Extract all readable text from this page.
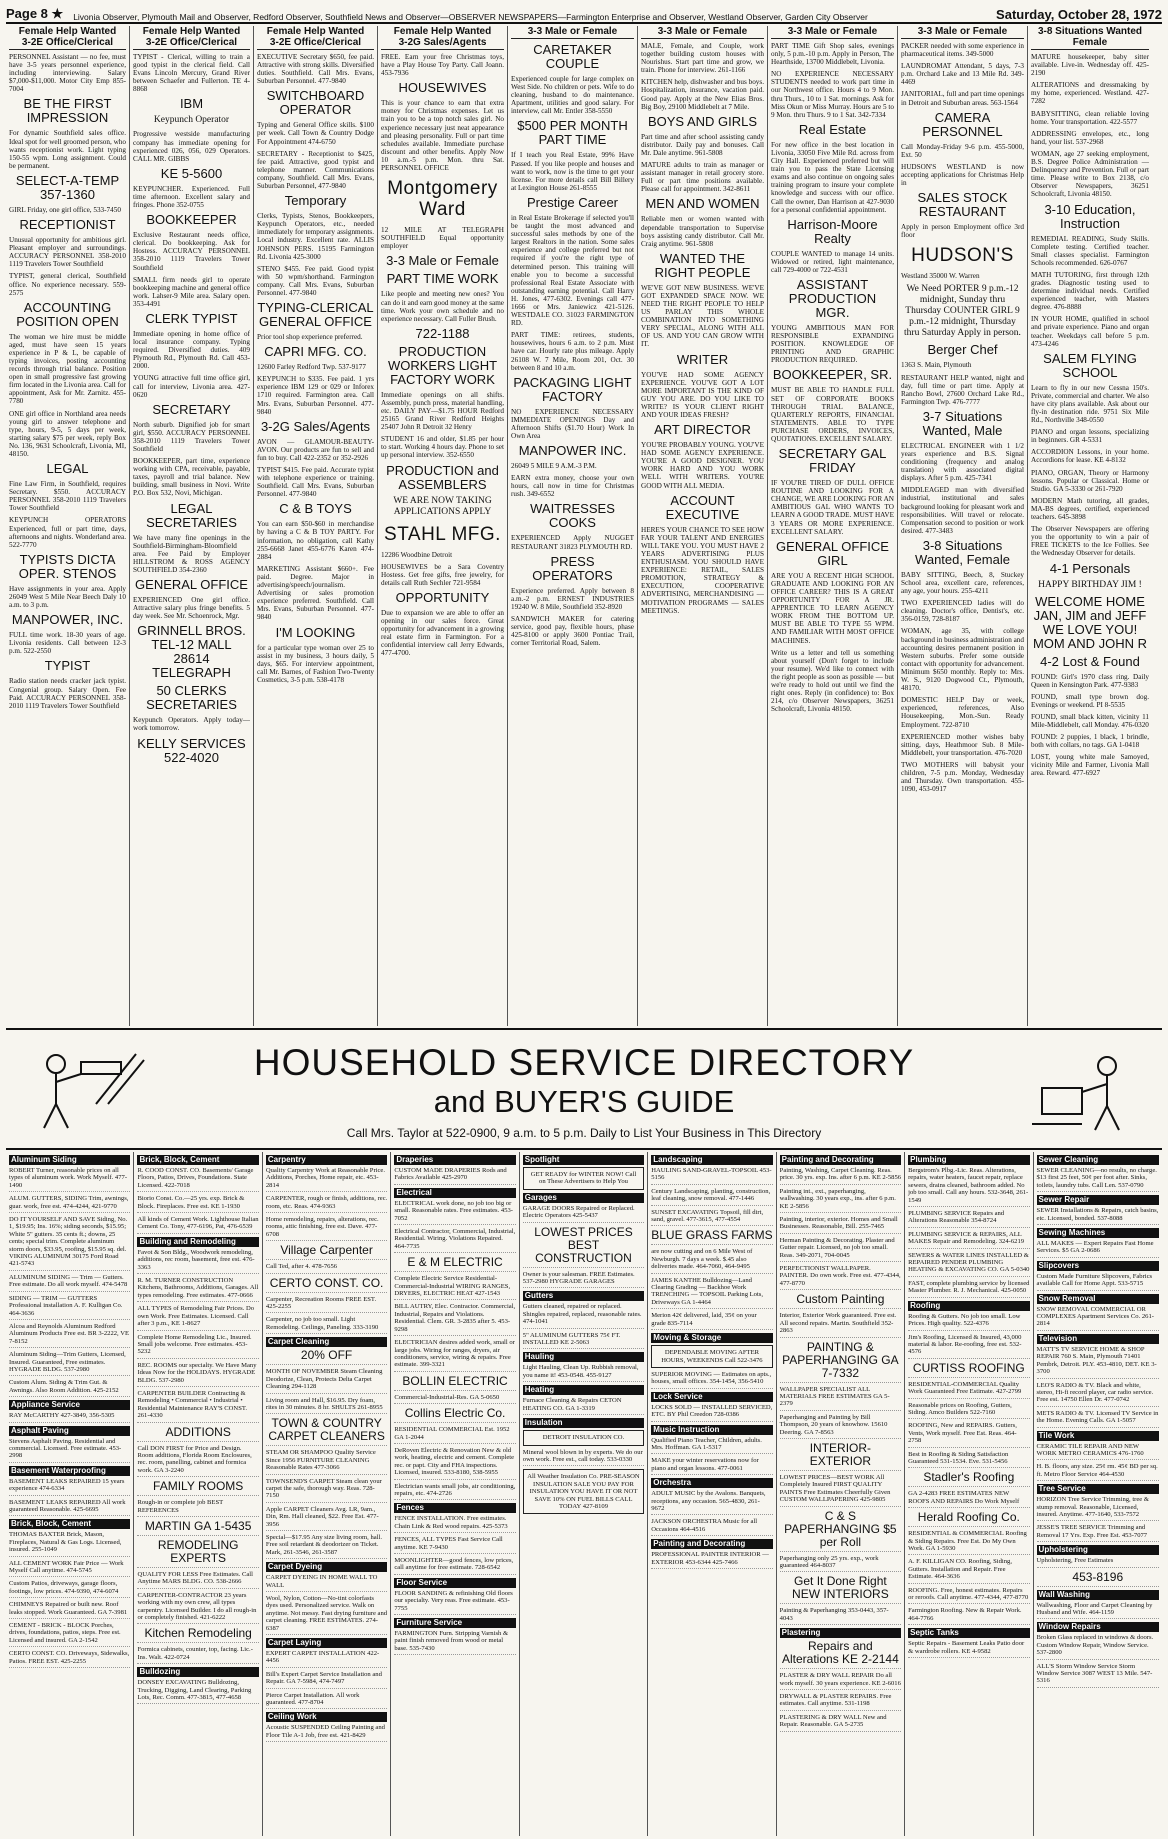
Page 8 ★ Livonia Observer, Plymouth Mail and Observer, Redford Observer, Southfield News and Observer—OBSERVER NEWSPAPERS—Farmington Enterprise and Observer, Westland Observer, Garden City Observer	Saturday, October 28, 1972
Female Help Wanted
3-2E Office/Clerical
PERSONNEL Assistant — no fee, must have 3-5 years personnel experience, including interviewing. Salary $7,000-$11,000. Motor City Emp 855-7004
BE THE FIRST IMPRESSION
For dynamic Southfield sales office. Ideal spot for well groomed person, who wants receptionist work. Light typing 150-55 wpm. Long assignment. Could be permanent.
SELECT-A-TEMP 357-1360
GIRL Friday, one girl office, 533-7450
RECEPTIONIST
Unusual opportunity for ambitious girl. Pleasant employer and surroundings. ACCURACY PERSONNEL 358-2010 1119 Travelers Tower Southfield
TYPIST, general clerical, Southfield office. No experience necessary. 559-2575
ACCOUNTING POSITION OPEN
The woman we hire must be middle aged, must have seen 15 years experience in P & L, be capable of typing invoices, posting accounting records through trial balance. Position open in small progressive fast growing firm located in the Livonia area. Call for appointment, Ask for Mr. Zarnitz. 455-7780
ONE girl office in Northland area needs young girl to answer telephone and type, hours, 9-5, 5 days per week, starting salary $75 per week, reply Box No. 136, 9631 Schoolcraft, Livonia, MI, 48150.
LEGAL
Fine Law Firm, in Southfield, requires Secretary. $550. ACCURACY PERSONNEL 358-2010 1119 Travelers Tower Southfield
KEYPUNCH OPERATORS Experienced, full or part time, days, afternoons and nights. Wonderland area. 522-7770
TYPISTS DICTA OPER. STENOS
Have assignments in your area. Apply 26049 West 5 Mile Near Beech Daly 10 a.m. to 3 p.m.
MANPOWER, INC.
FULL time work. 18-30 years of age. Livonia residents. Call between 12-3 p.m. 522-2550
TYPIST
Radio station needs cracker jack typist. Congenial group. Salary Open. Fee Paid. ACCURACY PERSONNEL 358-2010 1119 Travelers Tower Southfield
Female Help Wanted
3-2E Office/Clerical
TYPIST - Clerical, willing to train a good typist in the clerical field. Call Evans Lincoln Mercury, Grand River between Schaefer and Fullerton. TE 4-8868
IBM
Keypunch Operator
Progressive westside manufacturing company has immediate opening for experienced 026, 056, 029 Operators. CALL MR. GIBBS
KE 5-5600
KEYPUNCHER. Experienced. Full time afternoon. Excellent salary and fringes. Phone 352-0755
BOOKKEEPER
Exclusive Restaurant needs office, clerical. Do bookkeeping. Ask for Hostess. ACCURACY PERSONNEL 358-2010 1119 Travelers Tower Southfield
SMALL firm needs girl to operate bookkeeping machine and general office work. Lahser-9 Mile area. Salary open. 353-4491
CLERK TYPIST
Immediate opening in home office of local insurance company. Typing required. Diversified duties. 409 Plymouth Rd., Plymouth Rd. Call 453-2000.
YOUNG attractive full time office girl, call for interview, Livonia area. 427-0620
SECRETARY
North suburb. Dignified job for smart girl, $550. ACCURACY PERSONNEL 358-2010 1119 Travelers Tower Southfield
BOOKKEEPER, part time, experience working with CPA, receivable, payable, taxes, payroll and trial balance. New building, small business in Novi. Write P.O. Box 532, Novi, Michigan.
LEGAL SECRETARIES
We have many fine openings in the Southfield-Birmingham-Bloomfield area. Fee Paid by Employer HILLSTROM & ROSS AGENCY SOUTHFIELD 354-2360
GENERAL OFFICE
EXPERIENCED One girl office. Attractive salary plus fringe benefits. 5 day week. See Mr. Schoenrock, Mgr.
GRINNELL BROS. TEL-12 MALL 28614 TELEGRAPH
50 CLERKS SECRETARIES
Keypunch Operators. Apply today—work tomorrow.
KELLY SERVICES 522-4020
Female Help Wanted
3-2E Office/Clerical
EXECUTIVE Secretary $650, fee paid. Attractive with strong skills. Diversified duties. Southfield. Call Mrs. Evans, Suburban Personnel. 477-9840
SWITCHBOARD OPERATOR
Typing and General Office skills. $100 per week. Call Town & Country Dodge For Appointment 474-6750
SECRETARY - Receptionist to $425, fee paid. Attractive, good typist and telephone manner. Communications company, Southfield. Call Mrs. Evans, Suburban Personnel, 477-9840
Temporary
Clerks, Typists, Stenos, Bookkeepers, Keypunch Operators, etc., needed immediately for temporary assignments. Local industry. Excellent rate. ALLIS JOHNSON PERS. 15195 Farmington Rd. Livonia 425-3000
STENO $455. Fee paid. Good typist with 50 wpm/shorthand. Farmington company. Call Mrs. Evans, Suburban Personnel. 477-9840
TYPING-CLERICAL GENERAL OFFICE
Prior tool shop experience preferred.
CAPRI MFG. CO.
12600 Farley Redford Twp. 537-9177
KEYPUNCH to $335. Fee paid. 1 yrs experience IBM 129 or 029 or Inforex 1710 required. Farmington area. Call Mrs. Evans, Suburban Personnel. 477-9840
3-2G Sales/Agents
AVON — GLAMOUR-BEAUTY-AVON. Our products are fun to sell and fun to buy. Call 422-2352 or 352-2926
TYPIST $415. Fee paid. Accurate typist with telephone experience or training. Southfield. Call Mrs. Evans, Suburban Personnel. 477-9840
C & B TOYS
You can earn $50-$60 in merchandise by having a C & B TOY PARTY. For information, no obligation, call Kathy 255-6668 Janet 455-6776 Karen 474-2884
MARKETING Assistant $660+. Fee paid. Degree. Major in advertising/speech/journalism. Advertising or sales promotion experience preferred. Southfield. Call Mrs. Evans, Suburban Personnel. 477-9840
I'M LOOKING
for a particular type woman over 25 to assist in my business, 3 hours daily, 5 days, $65. For interview appointment, call Mr. Barnes, of Fashion Two-Twenty Cosmetics, 3-5 p.m. 538-4178
Female Help Wanted
3-2G Sales/Agents
FREE. Earn your free Christmas toys, have a Play House Toy Party. Call Joann. 453-7936
HOUSEWIVES
This is your chance to earn that extra money for Christmas expenses. Let us train you to be a top notch sales girl. No experience necessary just neat appearance and pleasing personality. Full or part time schedules available. Immediate purchase discount and other benefits. Apply Now 10 a.m.-5 p.m. Mon. thru Sat. PERSONNEL OFFICE
Montgomery Ward
12 MILE AT TELEGRAPH SOUTHFIELD Equal opportunity employer
3-3 Male or Female
PART TIME WORK
Like people and meeting new ones? You can do it and earn good money at the same time. Work your own schedule and no experience necessary. Call Fuller Brush.
722-1188
PRODUCTION WORKERS LIGHT FACTORY WORK
Immediate openings on all shifts. Assembly, punch press, material handling, etc. DAILY PAY—$1.75 HOUR Redford 25165 Grand River Redford Heights 25407 John R Detroit 32 Henry
STUDENT 16 and older, $1.85 per hour to start. Working 4 hours day. Phone to set up personal interview. 352-6550
PRODUCTION and ASSEMBLERS
WE ARE NOW TAKING APPLICATIONS APPLY
STAHL MFG.
12286 Woodbine Detroit
HOUSEWIVES be a Sara Coventry Hostess. Get free gifts, free jewelry, for details call Ruth Sechler 721-9584
OPPORTUNITY
Due to expansion we are able to offer an opening in our sales force. Great opportunity for advancement in a growing real estate firm in Farmington. For a confidential interview call Jerry Edwards, 477-4700.
3-3 Male or Female
CARETAKER COUPLE
Experienced couple for large complex on West Side. No children or pets. Wife to do cleaning, husband to do maintenance. Apartment, utilities and good salary. For interview, call Mr. Entler 358-5550
$500 PER MONTH PART TIME
If I teach you Real Estate, 99% Have Passed. If you like people and houses and want to work, now is the time to get your license. For more details call Bill Billery at Lexington House 261-8555
Prestige Career
in Real Estate Brokerage if selected you'll be taught the most advanced and successful sales methods by one of the largest Realtors in the nation. Some sales experience and college preferred but not required if you're the right type of determined person. This training will enable you to become a successful professional Real Estate Associate with outstanding earning potential. Call Harry H. Jones, 477-6302. Evenings call 477-1666 or Mrs. Janiewicz 421-5126. WESTDALE CO. 31023 FARMINGTON RD.
PART TIME: retirees, students, housewives, hours 6 a.m. to 2 p.m. Must have car. Hourly rate plus mileage. Apply 26108 W. 7 Mile, Room 201, Oct. 30 between 8 and 10 a.m.
PACKAGING LIGHT FACTORY
NO EXPERIENCE NECESSARY IMMEDIATE OPENINGS Day and Afternoon Shifts ($1.70 Hour) Work In Own Area
MANPOWER INC.
26049 5 MILE 9 A.M.-3 P.M.
EARN extra money, choose your own hours, call now in time for Christmas rush. 349-6552
WAITRESSES COOKS
EXPERIENCED Apply NUGGET RESTAURANT 31823 PLYMOUTH RD.
PRESS OPERATORS
Experience preferred. Apply between 8 a.m.-2 p.m. ERNEST INDUSTRIES 19240 W. 8 Mile, Southfield 352-8920
SANDWICH MAKER for catering service, good pay, flexible hours, phase 425-8100 or apply 3600 Pontiac Trail, corner Territorial Road, Salem.
3-3 Male or Female
MALE, Female, and Couple, work together building custom houses with Nourishus. Start part time and grow, we train. Phone for interview. 261-1166
KITCHEN help, dishwasher and bus boys. Hospitalization, insurance, vacation paid. Good pay. Apply at the New Elias Bros. Big Boy, 29100 Middlebelt at 7 Mile.
BOYS AND GIRLS
Part time and after school assisting candy distributor. Daily pay and bonuses. Call Mr. Dale anytime. 961-5808
MATURE adults to train as manager or assistant manager in retail grocery store. Full or part time positions available. Please call for appointment. 342-8611
MEN AND WOMEN
Reliable men or women wanted with dependable transportation to Supervise boys assisting candy distributor. Call Mr. Craig anytime. 961-5808
WANTED THE RIGHT PEOPLE
WE'VE GOT NEW BUSINESS. WE'VE GOT EXPANDED SPACE NOW. WE NEED THE RIGHT PEOPLE TO HELP US PARLAY THIS WHOLE COMBINATION INTO SOMETHING VERY SPECIAL, ALONG WITH ALL OF US. AND YOU CAN GROW WITH IT.
WRITER
YOU'VE HAD SOME AGENCY EXPERIENCE. YOU'VE GOT A LOT MORE IMPORTANT IS THE KIND OF GUY YOU ARE. DO YOU LIKE TO WRITE? IS YOUR CLIENT RIGHT AND YOUR IDEAS FRESH?
ART DIRECTOR
YOU'RE PROBABLY YOUNG. YOU'VE HAD SOME AGENCY EXPERIENCE. YOU'RE A GOOD DESIGNER. YOU WORK HARD AND YOU WORK WELL WITH WRITERS. YOU'RE GOOD WITH ALL MEDIA.
ACCOUNT EXECUTIVE
HERE'S YOUR CHANCE TO SEE HOW FAR YOUR TALENT AND ENERGIES WILL TAKE YOU. YOU MUST HAVE 2 YEARS ADVERTISING PLUS ENTHUSIASM. YOU SHOULD HAVE EXPERIENCE: RETAIL, SALES PROMOTION, STRATEGY & EXECUTION, COOPERATIVE ADVERTISING, MERCHANDISING — MOTIVATION PROGRAMS — SALES MEETINGS.
3-3 Male or Female
PART TIME Gift Shop sales, evenings only, 5 p.m.-10 p.m. Apply in Person, The Hearthside, 13700 Middlebelt, Livonia.
NO EXPERIENCE NECESSARY STUDENTS needed to work part time in our Northwest office. Hours 4 to 9 Mon. thru Thurs., 10 to 1 Sat. mornings. Ask for Miss Okun or Miss Murray. Hours are 5 to 9 Mon. thru Thurs. 9 to 1 Sat. 342-7334
Real Estate
For new office in the best location in Livonia, 33050 Five Mile Rd. across from City Hall. Experienced preferred but will train you to pass the State Licensing exams and also continue on ongoing sales training program to insure your complete knowledge and success with our office. Call the owner, Dan Harrison at 427-9030 for a personal confidential appointment.
Harrison-Moore Realty
COUPLE WANTED to manage 14 units. Widowed or retired, light maintenance, call 729-4000 or 722-4531
ASSISTANT PRODUCTION MGR.
YOUNG AMBITIOUS MAN FOR RESPONSIBLE EXPANDING POSITION. KNOWLEDGE OF PRINTING AND GRAPHIC PRODUCTION REQUIRED.
BOOKKEEPER, SR.
MUST BE ABLE TO HANDLE FULL SET OF CORPORATE BOOKS THROUGH TRIAL BALANCE, QUARTERLY REPORTS, FINANCIAL STATEMENTS. ABLE TO TYPE PURCHASE ORDERS, INVOICES, QUOTATIONS. EXCELLENT SALARY.
SECRETARY GAL FRIDAY
IF YOU'RE TIRED OF DULL OFFICE ROUTINE AND LOOKING FOR A CHANGE, WE ARE LOOKING FOR AN AMBITIOUS GAL WHO WANTS TO LEARN A GOOD TRADE. MUST HAVE 3 YEARS OR MORE EXPERIENCE. EXCELLENT SALARY.
GENERAL OFFICE GIRL
ARE YOU A RECENT HIGH SCHOOL GRADUATE AND LOOKING FOR AN OFFICE CAREER? THIS IS A GREAT OPPORTUNITY FOR A JR. APPRENTICE TO LEARN AGENCY WORK FROM THE BOTTOM UP. MUST BE ABLE TO TYPE 55 WPM. AND FAMILIAR WITH MOST OFFICE MACHINES.
Write us a letter and tell us something about yourself (Don't forget to include your resume). We'd like to connect with the right people as soon as possible — but we're ready to hold out until we find the right ones. Reply (in confidence) to: Box 214, c/o Observer Newspapers, 36251 Schoolcraft, Livonia 48150.
3-3 Male or Female
PACKER needed with some experience in pharmaceutical items. 349-5000
LAUNDROMAT Attendant, 5 days, 7-3 p.m. Orchard Lake and 13 Mile Rd. 349-4469
JANITORIAL, full and part time openings in Detroit and Suburban areas. 563-1564
CAMERA PERSONNEL
Call Monday-Friday 9-6 p.m. 455-5000, Ext. 50
HUDSON'S WESTLAND is now accepting applications for Christmas Help in
SALES STOCK RESTAURANT
Apply in person Employment office 3rd floor
HUDSON'S
Westland 35000 W. Warren
We Need PORTER 9 p.m.-12 midnight, Sunday thru Thursday COUNTER GIRL 9 p.m.-12 midnight, Thursday thru Saturday Apply in person.
Berger Chef
1363 S. Main, Plymouth
RESTAURANT HELP wanted, night and day, full time or part time. Apply at Rancho Bowl, 27600 Orchard Lake Rd., Farmington Twp. 476-7777
3-7 Situations Wanted, Male
ELECTRICAL ENGINEER with 1 1/2 years experience and B.S. Signal conditioning (frequency and analog translation) with associated digital displays. After 5 p.m. 425-7341
MIDDLEAGED man with diversified industrial, institutional and sales background looking for pleasant work and responsibilities. Will travel or relocate. Compensation second to position or work desired. 477-3483
3-8 Situations Wanted, Female
BABY SITTING, Beech, 8, Stuckey School area, excellent care, references, any age, your hours. 255-4211
TWO EXPERIENCED ladies will do cleaning. Doctor's office, Dentist's, etc. 356-0159, 728-8187
WOMAN, age 35, with college background in business administration and accounting desires permanent position in Western suburbs. Prefer some outside contact with opportunity for advancement. Minimum $650 monthly. Reply to: Mrs. W. S., 9120 Dogwood Ct., Plymouth, 48170.
DOMESTIC HELP Day or week, experienced, references, Also Housekeeping, Mon.-Sun. Ready Employment. 722-8710
EXPERIENCED mother wishes baby sitting, days, Heathmoor Sub. 8 Mile-Middlebelt, your transportation. 476-7020
TWO MOTHERS will babysit your children, 7-5 p.m. Monday, Wednesday and Thursday. Own transportation. 455-1090, 453-0917
3-8 Situations Wanted
Female
MATURE housekeeper, baby sitter available. Live-in. Wednesday off. 425-2190
ALTERATIONS and dressmaking by my home, experienced. Westland. 427-7282
BABYSITTING, clean reliable loving home. Your transportation. 422-5577
ADDRESSING envelopes, etc., long hand, your list. 537-2968
WOMAN, age 27 seeking employment, B.S. Degree Police Administration — Delinquency and Prevention. Full or part time. Please write to Box 2138, c/o Observer Newspapers, 36251 Schoolcraft, Livonia 48150.
3-10 Education, Instruction
REMEDIAL READING, Study Skills. Complete testing. Certified teacher. Small classes specialist. Farmington Schools recommended. 626-0767
MATH TUTORING, first through 12th grades. Diagnostic testing used to determine individual needs. Certified experienced teacher, with Masters degree. 476-8888
IN YOUR HOME, qualified in school and private experience. Piano and organ teacher. Weekdays call before 5 p.m. 473-4246
SALEM FLYING SCHOOL
Learn to fly in our new Cessna 150's. Private, commercial and charter. We also have city plans available. Ask about our fly-in destination ride. 9751 Six Mile Rd., Northville 348-0550
PIANO and organ lessons, specializing in beginners. GR 4-5331
ACCORDION Lessons, in your home. Accordions for lease. KE 4-8132
PIANO, ORGAN, Theory or Harmony lessons. Popular or Classical. Home or Studio. GA 5-3330 or 261-7920
MODERN Math tutoring, all grades, MA-BS degrees, certified, experienced teachers. 645-3898
The Observer Newspapers are offering you the opportunity to win a pair of FREE TICKETS to the Ice Follies. See the Wednesday Observer for details.
4-1 Personals
HAPPY BIRTHDAY JIM !
WELCOME HOME JAN, JIM and JEFF WE LOVE YOU! MOM AND JOHN R
4-2 Lost & Found
FOUND: Girl's 1970 class ring. Daily Queen in Kensington Park. 477-9383
FOUND, small type brown dog. Evenings or weekend. PI 8-5535
FOUND, small black kitten, vicinity 11 Mile-Middlebelt, call Monday. 476-0320
FOUND: 2 puppies, 1 black, 1 brindle, both with collars, no tags. GA 1-0418
LOST, young white male Samoyed, vicinity Mile and Farmer, Livonia Mall area. Reward. 477-6927
HOUSEHOLD SERVICE DIRECTORY
and BUYER'S GUIDE
Call Mrs. Taylor at 522-0900, 9 a.m. to 5 p.m. Daily to List Your Business in This Directory
Aluminum Siding
ROBERT Turner, reasonable prices on all types of aluminum work. Work Myself. 477-1490
ALUM. GUTTERS, SIDING Trim, awnings, guar. work, free est. 474-4244, 421-9770
DO IT YOURSELF AND SAVE Siding, No. 1, $19.95; Ins. 16%; siding seconds, $15.95; White 5" gutters. 35 cents ft.; downs, 25 cents; special trim. Complete aluminum storm doors, $33.95, roofing, $15.95 sq. del. VIKING ALUMINUM 30175 Ford Road 421-5743
ALUMINUM SIDING — Trim — Gutters. Free estimate. Do all work myself. 474-5478
SIDING — TRIM — GUTTERS Professional installation A. F. Kulligan Co. 464-3636
Alcoa and Reynolds Aluminum Redford Aluminum Products Free est. BR 3-2222, VE 7-8152
Aluminum Siding—Trim Gutters, Licensed, Insured. Guaranteed, Free estimates. HYGRADE BLDG. 537-2980
Custom Alum. Siding & Trim Gut. & Awnings. Also Room Addition. 425-2152
Appliance Service
RAY McCARTHY 427-3849, 356-5305
Asphalt Paving
Stevens Asphalt Paving. Residential and commercial. Licensed. Free estimate. 453-2998
Basement Waterproofing
BASEMENT LEAKS REPAIRED 15 years experience 474-6334
BASEMENT LEAKS REPAIRED All work guaranteed Reasonable. 425-6695
Brick, Block, Cement
THOMAS BAXTER Brick, Mason, Fireplaces, Natural & Gas Logs. Licensed, insured. 255-1049
ALL CEMENT WORK Fair Price — Work Myself Call anytime. 474-5745
Custom Patios, driveways, garage floors, footings, low prices. 474-9390, 474-6074
CHIMNEYS Repaired or built new. Roof leaks stopped. Work Guaranteed. GA 7-3981
CEMENT - BRICK - BLOCK Porches, drives, foundations, patios, steps. Free est. Licensed and insured. GA 2-1542
CERTO CONST. CO. Driveways, Sidewalks, Patios. FREE EST. 425-2255
Brick, Block, Cement
R. COOD CONST. CO. Basements/ Garage Floors, Patios, Drives, Foundations. State Licensed. 422-7018
Biorio Const. Co.—25 yrs. exp. Brick & Block. Fireplaces. Free est. KE 1-1930
All kinds of Cement Work. Lighthouse Italian Cement Co. Tony, 477-6196, Pat, 476-6539
Building and Remodeling
Favot & Son Bldg., Woodwork remodeling, additions, rec room, basement, free est. 476-3363
R. M. TURNER CONSTRUCTION Kitchens, Bathrooms, Additions, Garages. All types remodeling. Free estimates. 477-0666
ALL TYPES of Remodeling Fair Prices. Do own Work. Free Estimates. Licensed. Call after 3 p.m., KE 1-8627
Complete Home Remodeling Lic., Insured. Small jobs welcome. Free estimates. 453-5232
REC. ROOMS our specialty. We Have Many Ideas Now for the HOLIDAYS. HYGRADE BLDG. 537-2980
CARPENTER BUILDER Contracting & Remodeling • Commercial • Industrial • Residential Maintenance RAY'S CONST. 261-4330
ADDITIONS
Call DON FIRST for Price and Design. Room additions, Florida Room Enclosures, rec. room, panelling, cabinet and formica work. GA 3-2240
FAMILY ROOMS
Rough-in or complete job BEST REFERENCES
MARTIN GA 1-5435
REMODELING EXPERTS
QUALITY FOR LESS Free Estimates. Call Anytime MARS BLDG. CO. 538-2666
CARPENTER-CONTRACTOR 23 years working with my own crew, all types carpentry. Licensed Builder. I do all rough-in or completely finished. 421-6222
Kitchen Remodeling
Formica cabinets, counter, top, facing. Lic.-Ins. Walt. 422-0724
Bulldozing
DONSEY EXCAVATING Bulldozing, Trucking, Digging, Land Clearing, Parking Lots, Rec. Comm. 477-3815, 477-4658
Carpentry
Quality Carpentry Work at Reasonable Price. Additions, Porches, Home repair, etc. 453-2814
CARPENTER, rough or finish, additions, rec. room, etc. Reas. 474-9363
Home remodeling, repairs, alterations, rec. rooms, attic finishing, free est. Dave. 477-6708
Village Carpenter
Call Ted, after 4. 478-7656
CERTO CONST. CO.
Carpenter, Recreation Rooms FREE EST. 425-2255
Carpenter, no job too small. Light Remodeling. Ceilings, Paneling. 333-3190
Carpet Cleaning
20% OFF
MONTH OF NOVEMBER Steam Cleaning Deodorize, Clean, Protects Delta Carpet Cleaning 294-1128
Living room and Hall, $16.95. Dry foam, rites in 30 minutes. 8 hr. SHULTS 261-8955
TOWN & COUNTRY CARPET CLEANERS
STEAM OR SHAMPOO Quality Service Since 1956 FURNITURE CLEANING Reasonable Rates 477-3066
TOWNSEND'S CARPET Steam clean your carpet the safe, thorough way. Reas. 728-7150
Apple CARPET Cleaners Avg. LR, 9am., Din, Rm. Hall cleaned, $22. Free Est. 477-3956
Special—$17.95 Any size living room, hall. Free soil retardant & deodorizer on Ticket. Mark, 261-3546, 261-3587
Carpet Dyeing
CARPET DYEING IN HOME WALL TO WALL
Wool, Nylon, Cotton—No-tint colorfasts dyes used. Personalized service. Walk on anytime. Not messy. Fast drying furniture and carpet cleaning. FREE ESTIMATES. 274-6387
Carpet Laying
EXPERT CARPET INSTALLATION 422-4456
Bill's Expert Carpet Service Installation and Repair. GA 7-5984, 474-7497
Pierce Carpet Installation. All work guaranteed. 477-8704
Ceiling Work
Acoustic SUSPENDED Ceiling Painting and Floor Tile A-1 Job, free est. 421-8429
Draperies
CUSTOM MADE DRAPERIES Rods and Fabrics Available 425-2970
Electrical
ELECTRICAL work done, no job too big or small. Reasonable rates. Free estimates. 453-7052
Electrical Contractor, Commercial, Industrial, Residential. Wiring. Violations Repaired. 464-7735
E & M ELECTRIC
Complete Electric Service Residential-Commercial-Industrial WIRING RANGES, DRYERS, ELECTRIC HEAT 427-1543
BILL AUTRY, Elec. Contractor. Commercial, Industrial, Repairs and Violations. Residential. Clem. GR. 3-2835 after 5. 453-9298
ELECTRICIAN desires added work, small or large jobs. Wiring for ranges, dryers, air conditioners, service, wiring & repairs. Free estimate. 399-3321
BOLLIN ELECTRIC
Commercial-Industrial-Res. GA 5-0650
Collins Electric Co.
RESIDENTIAL COMMERCIAL Est. 1952 GA 1-2044
DeRoven Electric & Renovation New & old work, heating, electric and cement. Complete rec. or papt. City and FHA inspections. Licensed, insured. 533-8180, 538-5955
Electrician wants small jobs, air conditioning, repairs, etc. 474-2726
Fences
FENCE INSTALLATION. Free estimates. Chain Link & Red wood repairs. 425-5373
FENCES, ALL TYPES Fast Service Call anytime. KE 7-9430
MOONLIGHTER—good fences, low prices, call anytime for free estimate. 728-6542
Floor Service
FLOOR SANDING & refinishing Old floors our specialty. Very reas. Free estimate. 453-7755
Furniture Service
FARMINGTON Furn. Stripping Varnish & paint finish removed from wood or metal base. 535-7430
Spotlight
GET READY for WINTER NOW! Call on These Advertisers to Help You
Garages
GARAGE DOORS Repaired or Replaced. Electric Operators 425-5437
LOWEST PRICES BEST CONSTRUCTION
Owner is your salesman. FREE Estimates. 537-2980 HYGRADE GARAGES
Gutters
Gutters cleaned, repaired or replaced. Shingles repaired, replaced, reasonable rates. 474-1041
5" ALUMINUM GUTTERS 75¢ FT. INSTALLED KE 2-5063
Hauling
Light Hauling, Clean Up. Rubbish removal, you name it! 453-0548. 455-9127
Heating
Furnace Cleaning & Repairs CETON HEATING CO. GA 1-3319
Insulation
DETROIT INSULATION CO.
Mineral wool blown in by experts. We do our own work. Free est., call today. 533-0330
All Weather Insulation Co. PRE-SEASON INSULATION SALE YOU PAY FOR INSULATION YOU HAVE IT OR NOT SAVE 10% ON FUEL BILLS CALL TODAY 427-8109
Landscaping
HAULING SAND-GRAVEL-TOPSOIL 453-5156
Century Landscaping, planting, construction, leaf cleaning, snow removal. 477-1446
SUNSET EXCAVATING Topsoil, fill dirt, sand, gravel. 477-3615, 477-4554
BLUE GRASS FARMS
are now cutting and on 6 Mile West of Newburgh. 7 days a week. $.45 also deliveries made. 464-7060, 464-9495
JAMES KANTHE Bulldozing—Land Clearing Grading — Backhoe Work TRENCHING — TOPSOIL Parking Lots, Driveways GA 1-4464
Merion 42¢ delivered, laid, 35¢ on your grade 835-7114
Moving & Storage
DEPENDABLE MOVING AFTER HOURS, WEEKENDS Call 522-3476
SUPERIOR MOVING — Estimates on apts., houses, small offices. 354-1454, 356-5410
Lock Service
LOCKS SOLD — INSTALLED SERVICED, ETC. BY Phil Creedon 728-0386
Music Instruction
Qualified Piano Teacher, Children, adults. Mrs. Hoffman. GA 1-5317
MAKE your winter reservations now for piano and organ lessons. 477-0061
Orchestra
ADULT MUSIC by the Avalons. Banquets, receptions, any occasion. 565-4830, 261-9672
JACKSON ORCHESTRA Music for all Occasions 464-4516
Painting and Decorating
PROFESSIONAL PAINTER INTERIOR — EXTERIOR 453-6344 425-7466
Painting and Decorating
Painting, Washing, Carpet Cleaning. Reas. price. 30 yrs. exp. Ins. after 6 p.m. KE 2-5856
Painting int., ext., paperhanging, wallwashing. 30 years exp., ins. after 6 p.m. KE 2-5856
Painting, interior, exterior. Homes and Small Businesses. Reasonable, Bill. 255-7465
Herman Painting & Decorating. Plaster and Gutter repair. Licensed, no job too small. Reas. 349-2071, 704-0045
PERFECTIONIST WALLPAPER. PAINTER. Do own work. Free est. 477-4344, 477-8770
Custom Painting
Interior, Exterior Work guaranteed. Free est. All second repairs. Martin. Southfield 352-2863
PAINTING & PAPERHANGING GA 7-7332
WALLPAPER SPECIALIST ALL MATERIALS FREE ESTIMATES GA 5-2379
Paperhanging and Painting by Bill Thompson, 20 years of knowhow. 15610 Deering. GA 7-8563
INTERIOR-EXTERIOR
LOWEST PRICES—BEST WORK All Completely Insured FIRST QUALITY PAINTS Free Estimates Cheerfully Given CUSTOM WALLPAPERING 425-9805
C & S PAPERHANGING $5 per Roll
Paperhanging only 25 yrs. exp., work guaranteed 464-8037
Get It Done Right NEW INTERIORS
Painting & Paperhanging 353-0443, 357-4043
Plastering
Repairs and Alterations KE 2-2144
PLASTER & DRY WALL REPAIR Do all work myself. 30 years experience. KE 2-6016
DRYWALL & PLASTER REPAIRS. Free estimates. Call anytime. 531-1198
PLASTERING & DRY WALL New and Repair. Reasonable. GA 5-2735
Plumbing
Bergstrom's Plbg.-Lic. Reas. Alterations, repairs, water heaters, faucet repair, replace sewers, drains cleaned, bathroom added. No job too small. Call any hours. 532-3648, 261-1549
PLUMBING SERVICE Repairs and Alterations Reasonable 354-8724
PLUMBING SERVICE & REPAIRS, ALL MAKES Repair and Remodeling. 324-6219
SEWERS & WATER LINES INSTALLED & REPAIRED PENDER PLUMBING HEATING & EXCAVATING CO. GA 5-0340
FAST, complete plumbing service by licensed Master Plumber. R. J. Mechanical. 425-0050
Roofing
Roofing & Gutters. No job too small. Low Prices. High quality. 522-4376
Jim's Roofing, Licensed & Insured, 43,000 material & labor. Re-roofing, free est. 532-4576
CURTISS ROOFING
RESIDENTIAL-COMMERCIAL Quality Work Guaranteed Free Estimate. 427-2799
Reasonable prices on Roofing, Gutters, Siding. Amco Builders 522-7160
ROOFING, New and REPAIRS. Gutters, Vents, Work myself. Free Est. Reas. 464-2758
Best in Roofing & Siding Satisfaction Guaranteed 531-1534. Eve. 531-5456
Stadler's Roofing
GA 2-4283 FREE ESTIMATES NEW ROOFS AND REPAIRS Do Work Myself
Herald Roofing Co.
RESIDENTIAL & COMMERCIAL Roofing & Siding Repairs. Free Est. Do My Own Work. GA 1-5930
A. F. KILLIGAN CO. Roofing, Siding, Gutters. Installation and Repair. Free Estimate. 464-3636
ROOFING. Free, honest estimates. Repairs or reroofs. Call anytime. 477-4344, 477-8770
Farmington Roofing. New & Repair Work. 464-7766
Septic Tanks
Septic Repairs - Basement Leaks Patio door & wardrobe rollers. KE 4-9582
Sewer Cleaning
SEWER CLEANING—no results, no charge. $13 first 25 feet, 50¢ per foot after. Sinks, toilets, laundry tubs. Call Len. 537-0790
Sewer Repair
SEWER Installations & Repairs, catch basins, etc. Licensed, bonded. 537-8088
Sewing Machines
ALL MAKES — Expert Repairs Fast Home Services. $5 GA 2-0686
Slipcovers
Custom Made Furniture Slipcovers, Fabrics available Call for Home Appt. 533-5715
Snow Removal
SNOW REMOVAL COMMERCIAL OR COMPLEXES Apartment Services Co. 261-2814
Television
MATT'S TV SERVICE HOME & SHOP REPAIR 760 S. Main, Plymouth 71401 Pembrk, Detroit. PLY. 453-4810, DET. KE 3-3700
LEO'S RADIO & TV. Black and white, stereo, Hi-fi record player, car radio service. Free est. 14750 Ellen Dr. 477-0742
METS RADIO & TV. Licensed TV Service in the Home. Evening Calls. GA 1-5057
Tile Work
CERAMIC TILE REPAIR AND NEW WORK METRO CERAMICS 476-1760
H. B. floors, any size. 25¢ rm. 45¢ BD per sq. ft. Metro Floor Service 464-4530
Tree Service
HORIZON Tree Service Trimming, tree & stump removal. Reasonable, Licensed, insured. Anytime. 477-1640, 533-7572
JESSE'S TREE SERVICE Trimming and Removal 17 Yrs. Exp. Free Est. 453-7077
Upholstering
Upholstering, Free Estimates
453-8196
Wall Washing
Wallwashing, Floor and Carpet Cleaning by Husband and Wife. 464-1159
Window Repairs
Broken Glass replaced in windows & doors. Custom Window Repair, Window Service. 537-2800
ALL'S Storm Window Service Storm Window Service 3087 WEST 13 Mile. 547-5316
